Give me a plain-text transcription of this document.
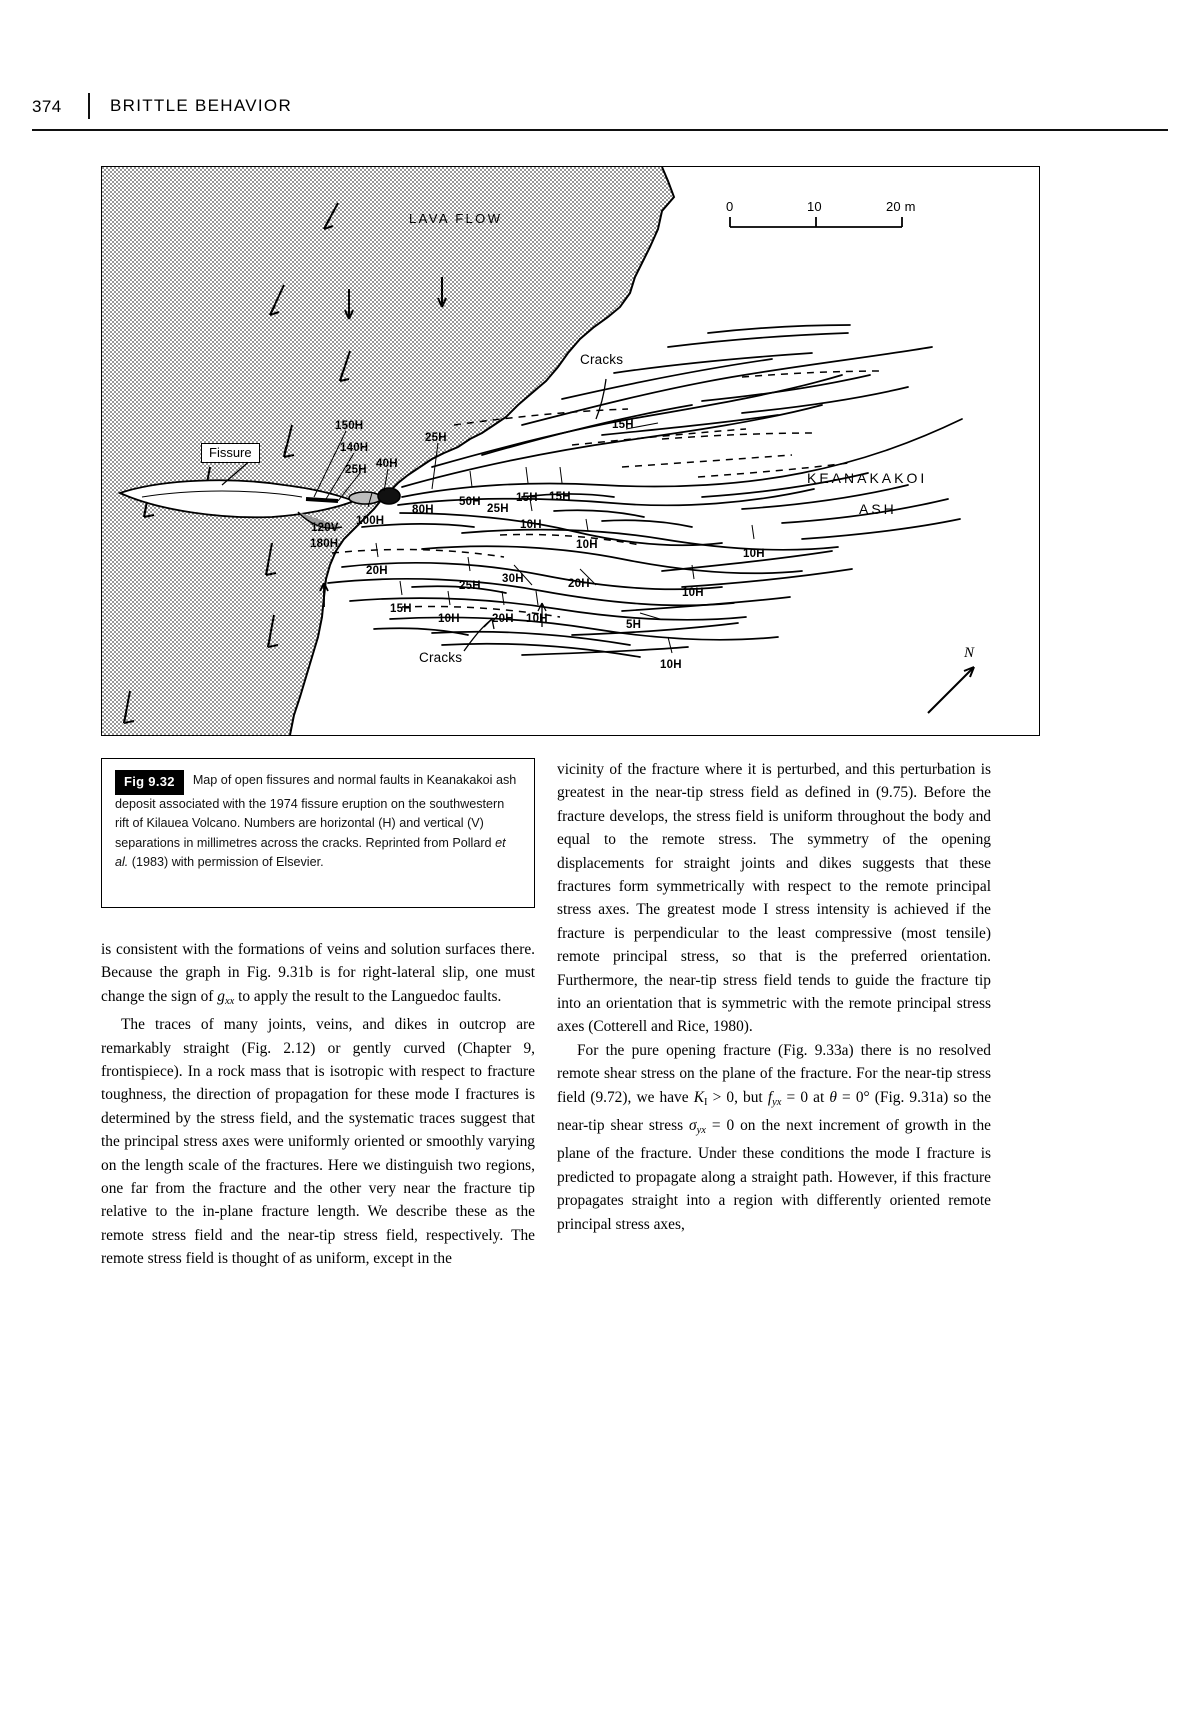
374	BRITTLE BEHAVIOR
LAVA FLOW
KEANAKAKOI
ASH
Fissure
Cracks
Cracks
0	10	20 m
N
150H
140H
25H 40H
25H
120V
180H
100H
80H
50H
25H
15H 15H
15H
10H
10H
10H
20H
25H
30H	20H
15H
10H	20H 10H
10H
5H
10H
Fig 9.32 Map of open fissures and normal faults in Keanakakoi ash deposit associated with the 1974 fissure eruption on the southwestern rift of Kilauea Volcano. Numbers are horizontal (H) and vertical (V) separations in millimetres across the cracks. Reprinted from Pollard et al. (1983) with permission of Elsevier.

is consistent with the formations of veins and solution surfaces there. Because the graph in Fig. 9.31b is for right-lateral slip, one must change the sign of $g_{xx}$ to apply the result to the Languedoc faults.

The traces of many joints, veins, and dikes in outcrop are remarkably straight (Fig. 2.12) or gently curved (Chapter 9, frontispiece). In a rock mass that is isotropic with respect to fracture toughness, the direction of propagation for these mode I fractures is determined by the stress field, and the systematic traces suggest that the principal stress axes were uniformly oriented or smoothly varying on the length scale of the fractures. Here we distinguish two regions, one far from the fracture and the other very near the fracture tip relative to the in-plane fracture length. We describe these as the remote stress field and the near-tip stress field, respectively. The remote stress field is thought of as uniform, except in the

vicinity of the fracture where it is perturbed, and this perturbation is greatest in the near-tip stress field as defined in (9.75). Before the fracture develops, the stress field is uniform throughout the body and equal to the remote stress. The symmetry of the opening displacements for straight joints and dikes suggests that these fractures form symmetrically with respect to the remote principal stress axes. The greatest mode I stress intensity is achieved if the fracture is perpendicular to the least compressive (most tensile) remote principal stress, so that is the preferred orientation. Furthermore, the near-tip stress field tends to guide the fracture tip into an orientation that is symmetric with the remote principal stress axes (Cotterell and Rice, 1980).

For the pure opening fracture (Fig. 9.33a) there is no resolved remote shear stress on the plane of the fracture. For the near-tip stress field (9.72), we have $K_I > 0$, but $f_{yx} = 0$ at θ = 0° (Fig. 9.31a) so the near-tip shear stress $\sigma_{yx} = 0$ on the next increment of growth in the plane of the fracture. Under these conditions the mode I fracture is predicted to propagate along a straight path. However, if this fracture propagates straight into a region with differently oriented remote principal stress axes,
